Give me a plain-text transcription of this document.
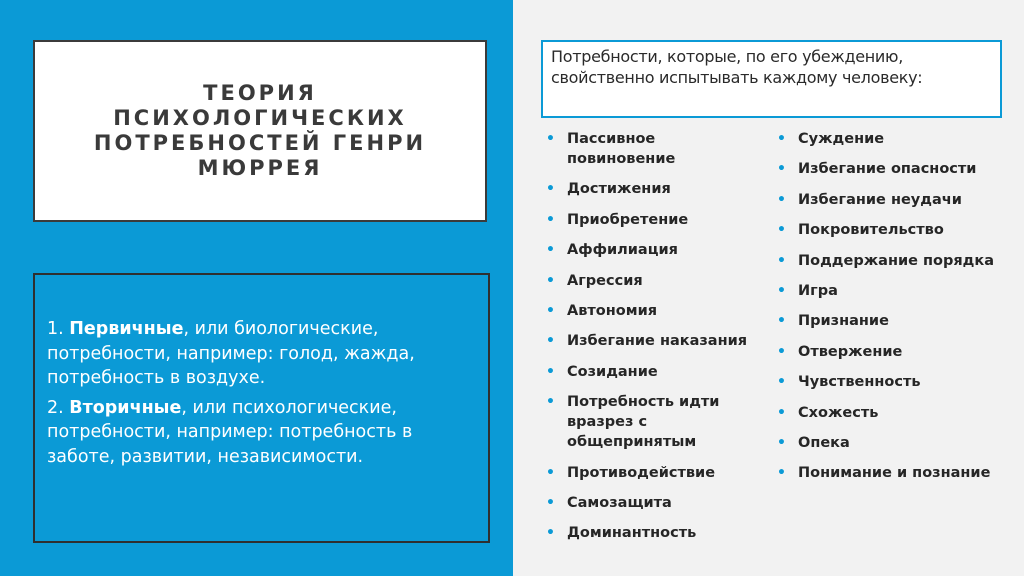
ТЕОРИЯ ПСИХОЛОГИЧЕСКИХ ПОТРЕБНОСТЕЙ ГЕНРИ МЮРРЕЯ

1. Первичные, или биологические, потребности, например: голод, жажда, потребность в воздухе.

2. Вторичные, или психологические, потребности, например: потребность в заботе, развитии, независимости.

Потребности, которые, по его убеждению, свойственно испытывать каждому человеку:
• Пассивное повиновение
• Достижения
• Приобретение
• Аффилиация
• Агрессия
• Автономия
• Избегание наказания
• Созидание
• Потребность идти вразрез с общепринятым
• Противодействие
• Самозащита
• Доминантность
• Суждение
• Избегание опасности
• Избегание неудачи
• Покровительство
• Поддержание порядка
• Игра
• Признание
• Отвержение
• Чувственность
• Схожесть
• Опека
• Понимание и познание
